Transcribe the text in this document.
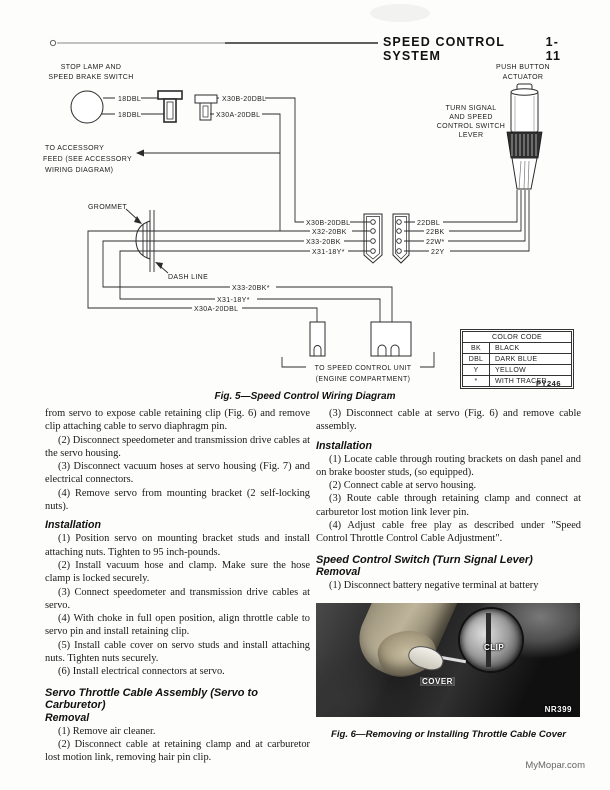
SPEED CONTROL SYSTEM
1-11
STOP LAMP AND
SPEED BRAKE SWITCH
18DBL
18DBL
X30B-20DBL
X30A-20DBL
TO ACCESSORY
FEED (SEE ACCESSORY
WIRING DIAGRAM)
GROMMET
DASH LINE
PUSH BUTTON
ACTUATOR
TURN SIGNAL
AND SPEED
CONTROL SWITCH
LEVER
X30B-20DBL
X32-20BK
X33-20BK
X31-18Y*
22DBL
22BK
22W*
22Y
X33-20BK*
X31-18Y*
X30A-20DBL
TO SPEED CONTROL UNIT
(ENGINE COMPARTMENT)
COLOR CODE
BK	BLACK
DBL	DARK BLUE
Y	YELLOW
*	WITH TRACER
PY246
Fig. 5—Speed Control Wiring Diagram

from servo to expose cable retaining clip (Fig. 6) and remove clip attaching cable to servo diaphragm pin.

(2) Disconnect speedometer and transmission drive cables at the servo housing.

(3) Disconnect vacuum hoses at servo housing (Fig. 7) and electrical connectors.

(4) Remove servo from mounting bracket (2 self-locking nuts).

Installation

(1) Position servo on mounting bracket studs and install attaching nuts. Tighten to 95 inch-pounds.

(2) Install vacuum hose and clamp. Make sure the hose clamp is locked securely.

(3) Connect speedometer and transmission drive cables at servo.

(4) With choke in full open position, align throttle cable to servo pin and install retaining clip.

(5) Install cable cover on servo studs and install attaching nuts. Tighten nuts securely.

(6) Install electrical connectors at servo.

Servo Throttle Cable Assembly (Servo to Carburetor)
Removal

(1) Remove air cleaner.

(2) Disconnect cable at retaining clamp and at carburetor lost motion link, removing hair pin clip.

(3) Disconnect cable at servo (Fig. 6) and remove cable assembly.

Installation

(1) Locate cable through routing brackets on dash panel and on brake booster studs, (so equipped).

(2) Connect cable at servo housing.

(3) Route cable through retaining clamp and connect at carburetor lost motion link lever pin.

(4) Adjust cable free play as described under "Speed Control Throttle Control Cable Adjustment".

Speed Control Switch (Turn Signal Lever)
Removal

(1) Disconnect battery negative terminal at battery

CLIP
COVER
NR399
Fig. 6—Removing or Installing Throttle Cable Cover
MyMopar.com
